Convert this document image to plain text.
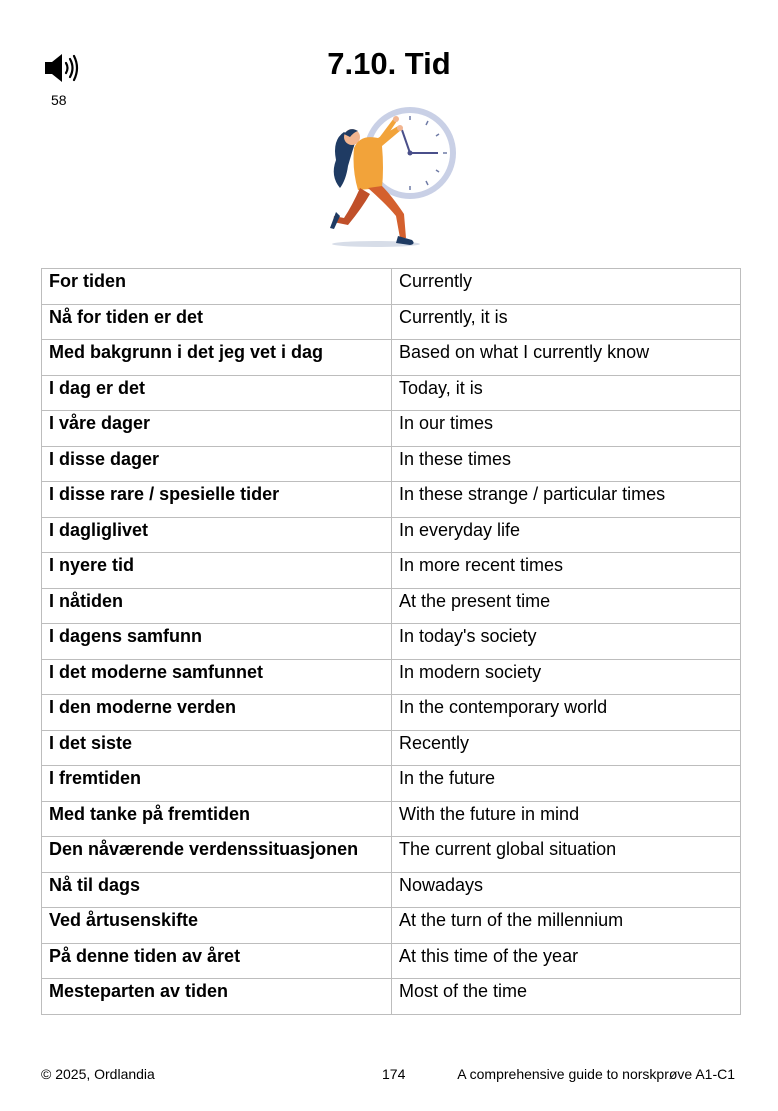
58
7.10. Tid
For tiden	Currently
Nå for tiden er det	Currently, it is
Med bakgrunn i det jeg vet i dag	Based on what I currently know
I dag er det	Today, it is
I våre dager	In our times
I disse dager	In these times
I disse rare / spesielle tider	In these strange / particular times
I dagliglivet	In everyday life
I nyere tid	In more recent times
I nåtiden	At the present time
I dagens samfunn	In today's society
I det moderne samfunnet	In modern society
I den moderne verden	In the contemporary world
I det siste	Recently
I fremtiden	In the future
Med tanke på fremtiden	With the future in mind
Den nåværende verdenssituasjonen	The current global situation
Nå til dags	Nowadays
Ved årtusenskifte	At the turn of the millennium
På denne tiden av året	At this time of the year
Mesteparten av tiden	Most of the time
© 2025, Ordlandia	174	A comprehensive guide to norskprøve A1-C1
